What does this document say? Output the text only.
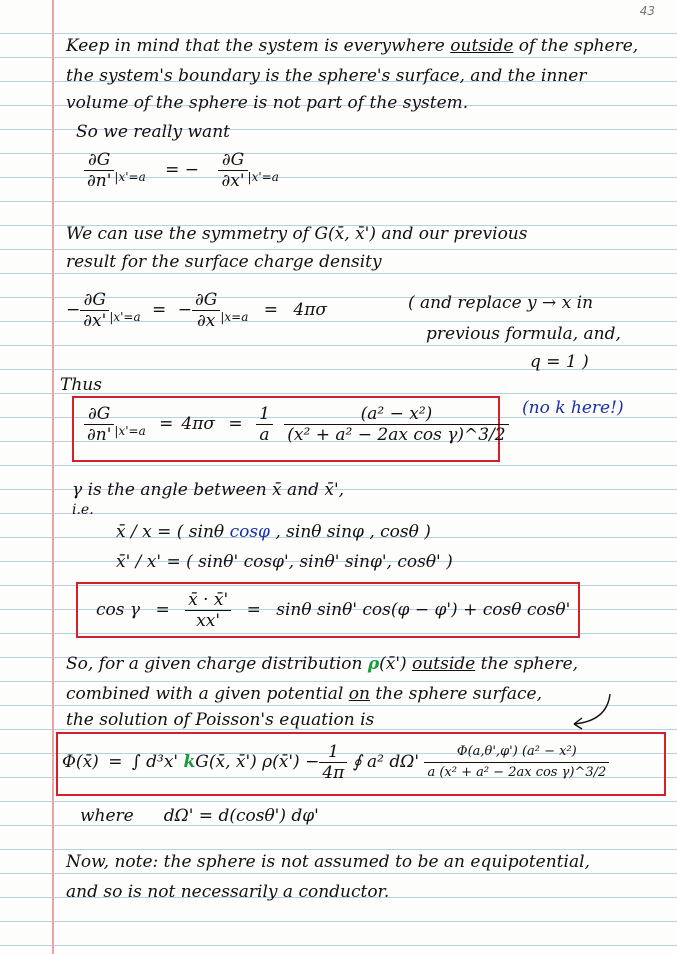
43
Keep in mind that the system is everywhere outside of the sphere,
the system's boundary is the sphere's surface, and the inner
volume of the sphere is not part of the system.
So we really want
$\frac{\partial G}{\partial n'} _{|x'=a}$ = − $\frac{\partial G}{\partial x'} _{|x'=a}$
We can use the symmetry of G(x̄, x̄') and our previous
result for the surface charge density
− $\frac{\partial G}{\partial x'} _{|x'=a}$ = − $\frac{\partial G}{\partial x} _{|x=a} = 4\pi\sigma$	( and replace y → x in
previous formula, and,
q = 1 )
Thus
$\frac{\partial G}{\partial n'} _{|x'=a} = 4\pi\sigma = \frac{1}{a}$
$\frac{\text{(a² − x²)}}{\text{(x² + a² − 2ax cos γ)\textasciicircum{}3/2}} (no$ k here!)
γ is the angle between x̄ and x̄',
i.e.
x̄ / x = ( sinθ cosφ , sinθ sinφ , cosθ )
x̄' / x' = ( sinθ' cosφ', sinθ' sinφ', cosθ' )
$\cos \gamma = \frac{x̄ \cdot x̄'}{xx'} = \sin\theta$ sinθ' cos(φ − φ') + cosθ cosθ'
So, for a given charge distribution ρ(x̄') outside the sphere,
combined with a given potential on the sphere surface,
the solution of Poisson's equation is
Φ(x̄) = ∫ d³x' kG(x̄, x̄') ρ(x̄') − $\frac{1}{4\pi}$ ∮ a² $d\Omega' \frac{\text{Φ(a,θ',φ') (a² − x²)}}{\text{a (x² + a² − 2ax cos γ)\textasciicircum{}3/2}}$
where dΩ' = d(cosθ') dφ'
Now, note: the sphere is not assumed to be an equipotential,
and so is not necessarily a conductor.
